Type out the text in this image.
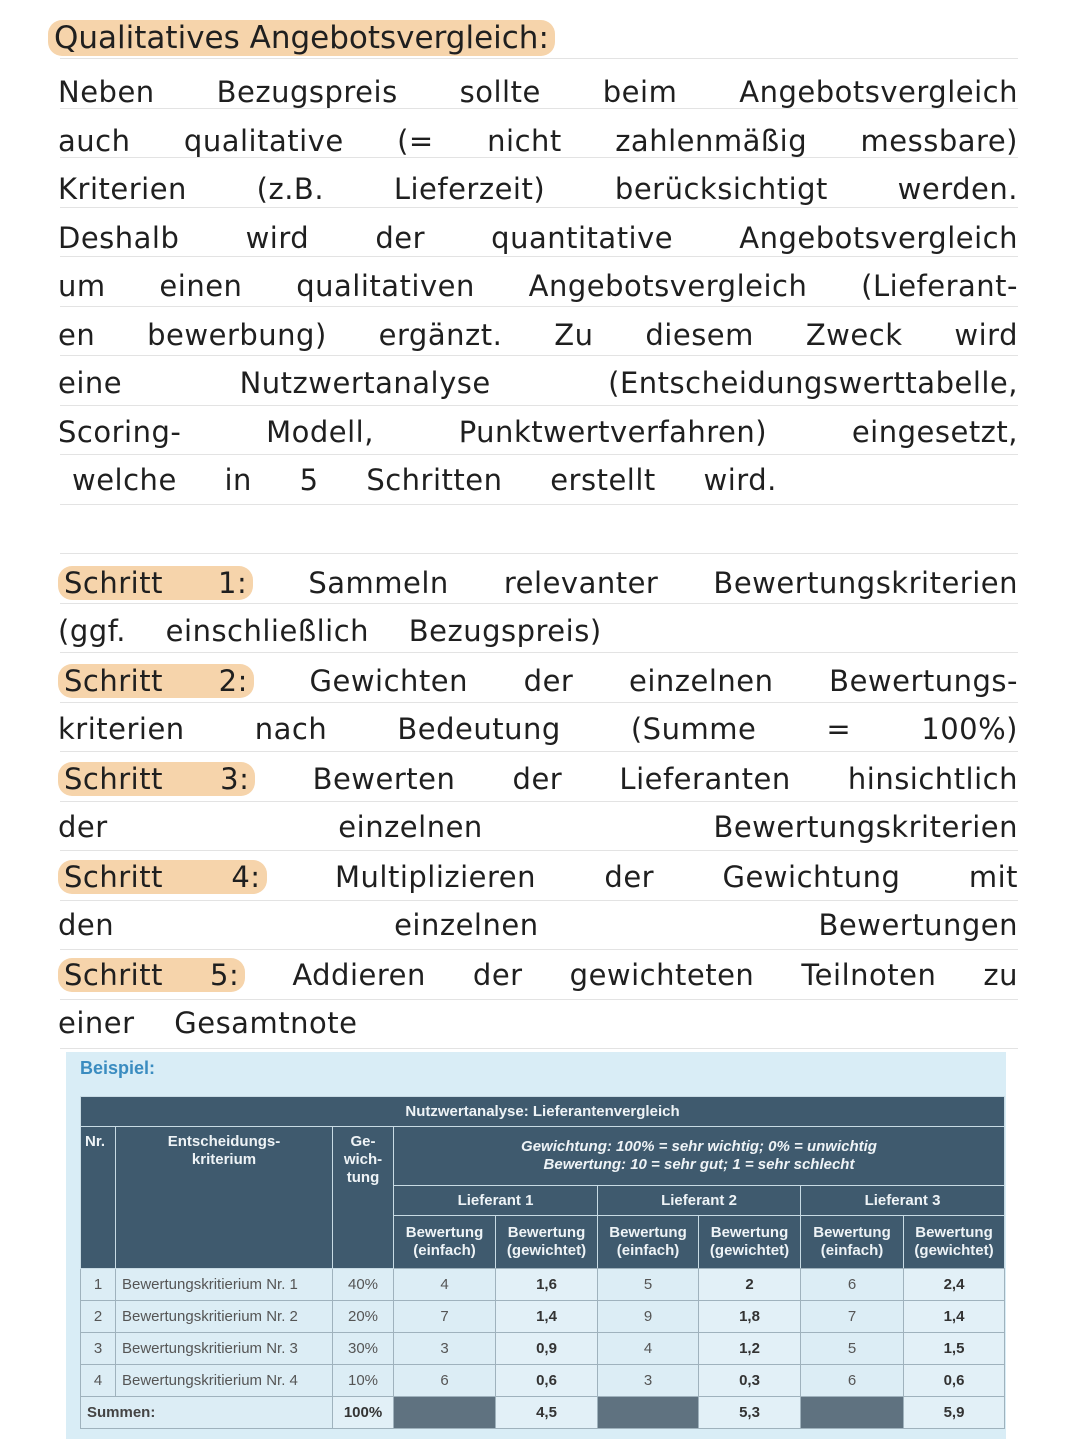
Qualitatives Angebotsvergleich:
Neben Bezugspreis sollte beim Angebotsvergleich
auch qualitative (= nicht zahlenmäßig messbare)
Kriterien (z.B. Lieferzeit) berücksichtigt werden.
Deshalb wird der quantitative Angebotsvergleich
um einen qualitativen Angebotsvergleich (Lieferant-
en bewerbung) ergänzt. Zu diesem Zweck wird
eine Nutzwertanalyse (Entscheidungswerttabelle,
Scoring- Modell, Punktwertverfahren) eingesetzt,
welche in 5 Schritten erstellt wird.
Schritt 1: Sammeln relevanter Bewertungskriterien
(ggf. einschließlich Bezugspreis)
Schritt 2: Gewichten der einzelnen Bewertungs-
kriterien nach Bedeutung (Summe = 100%)
Schritt 3: Bewerten der Lieferanten hinsichtlich
der einzelnen Bewertungskriterien
Schritt 4:	Multiplizieren der Gewichtung mit
den einzelnen Bewertungen
Schritt 5: Addieren der gewichteten Teilnoten zu
einer Gesamtnote
Beispiel:
Nutzwertanalyse: Lieferantenvergleich								
Nr.	Entscheidungs- kriterium	Ge- wich- tung	Gewichtung: 100% = sehr wichtig; 0% = unwichtig
Bewertung: 10 = sehr gut; 1 = sehr schlecht					

			Lieferant 1		Lieferant 2		Lieferant 3	
			Bewertung (einfach)	Bewertung (gewichtet)	Bewertung (einfach)	Bewertung (gewichtet)	Bewertung (einfach)	Bewertung (gewichtet)

1	Bewertungskritierium Nr. 1	40%	4	1,6	5	2	6	2,4
2	Bewertungskritierium Nr. 2	20%	7	1,4	9	1,8	7	1,4
3	Bewertungskritierium Nr. 3	30%	3	0,9	4	1,2	5	1,5
4	Bewertungskritierium Nr. 4	10%	6	0,6	3	0,3	6	0,6
Summen:		100%		4,5		5,3		5,9
